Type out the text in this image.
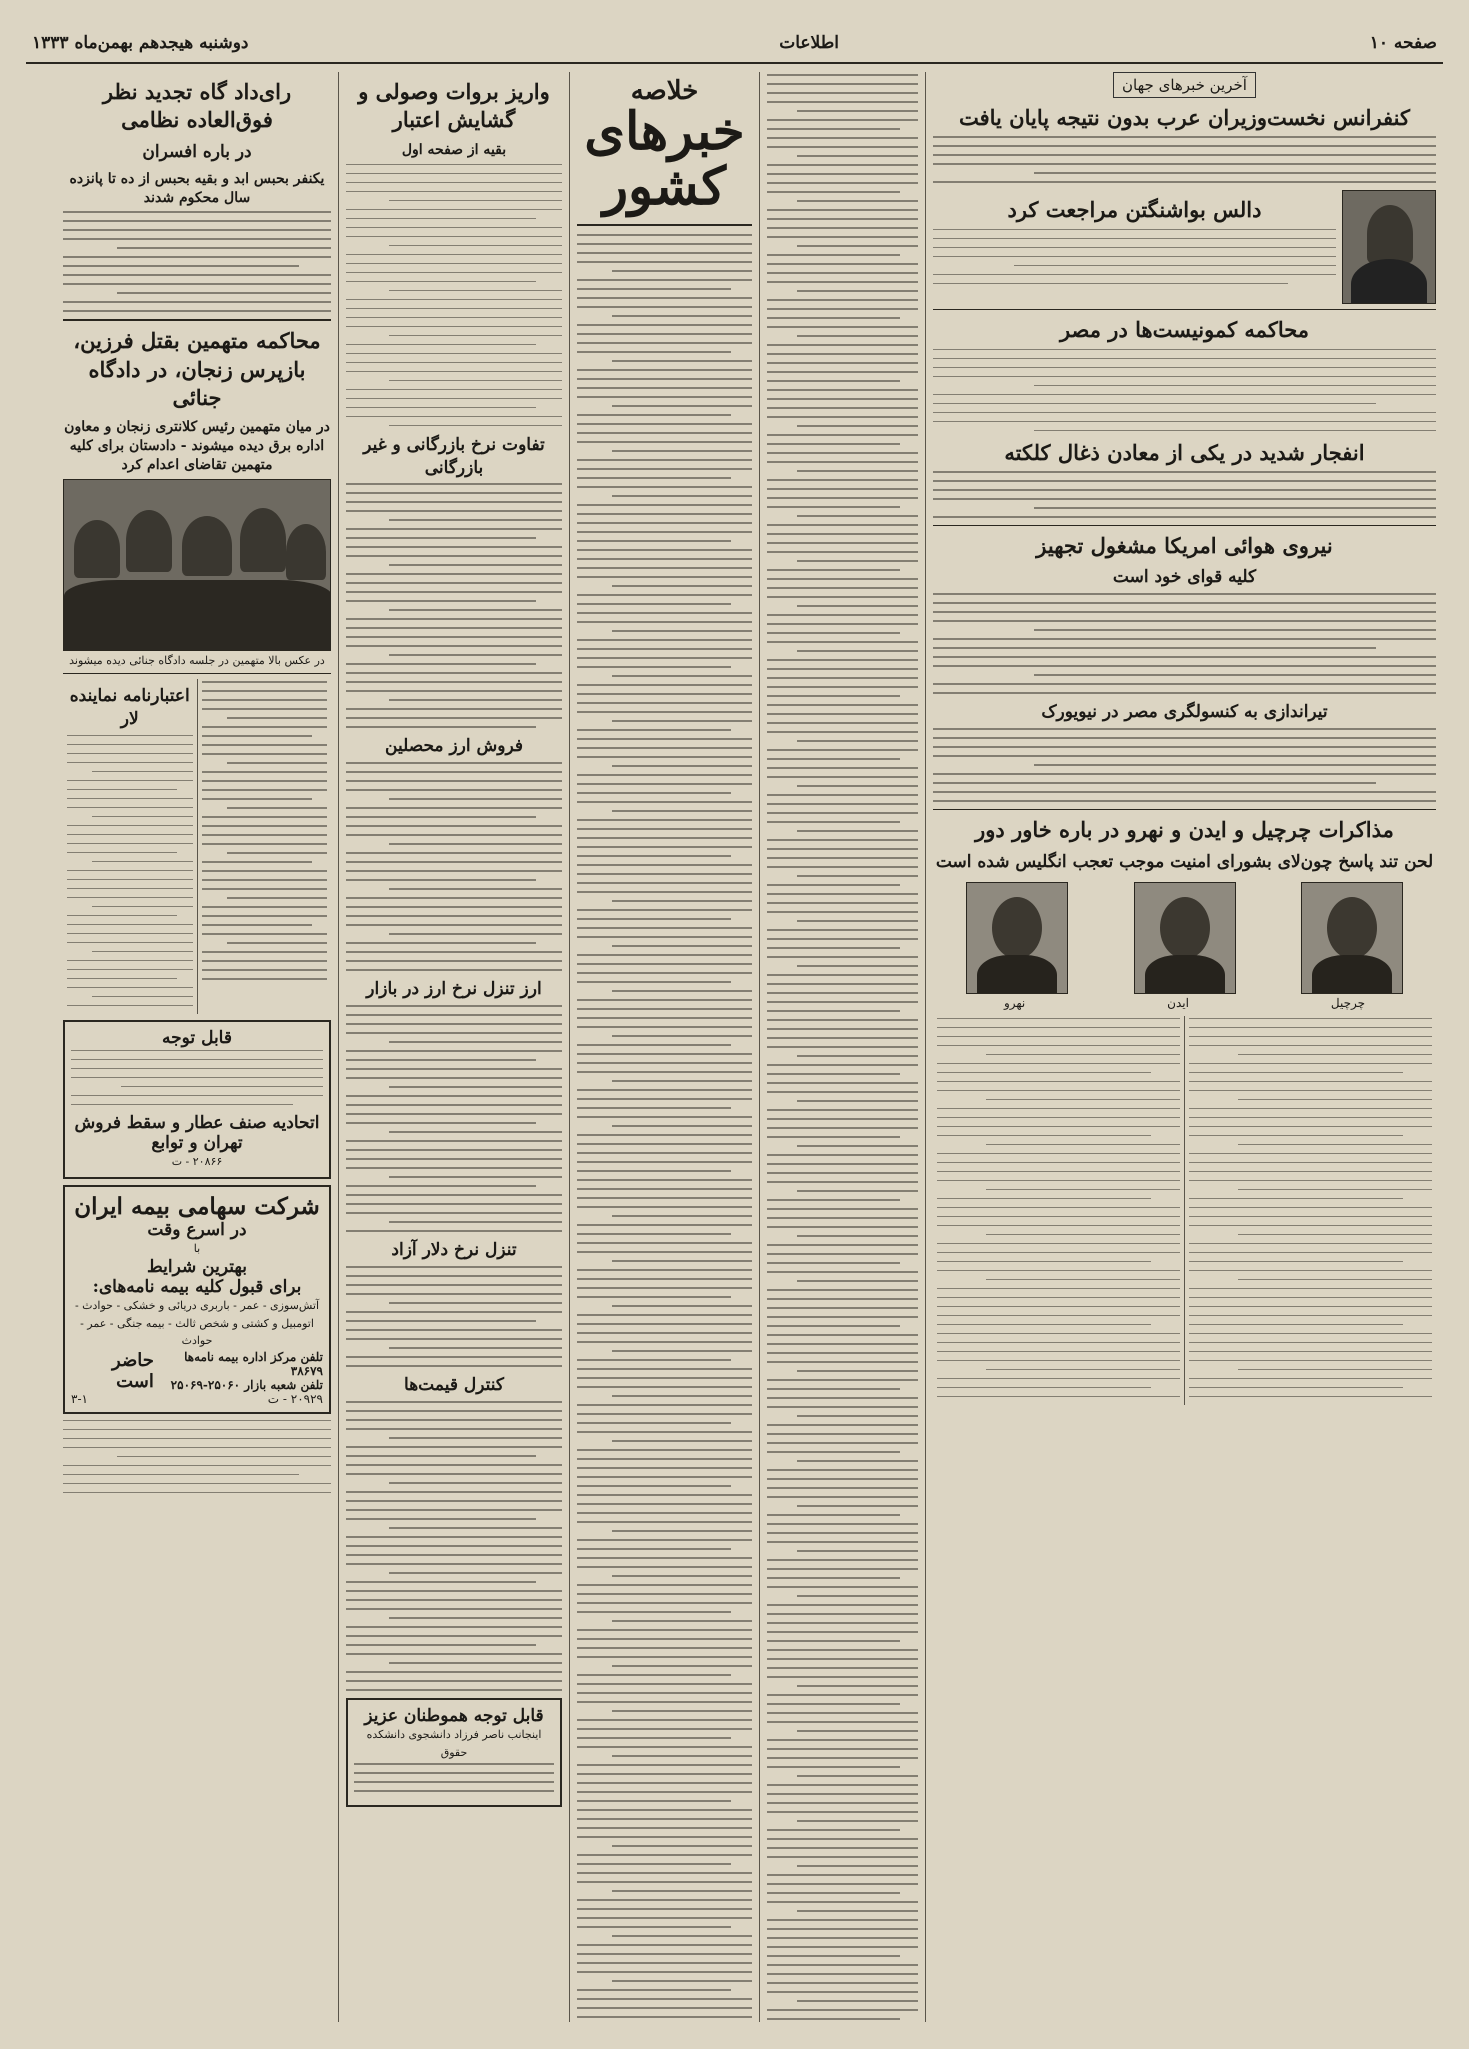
صفحه ۱۰
اطلاعات
دوشنبه هیجدهم بهمن‌ماه ۱۳۳۳
آخرین خبرهای جهان
کنفرانس نخست‌وزیران عرب بدون نتیجه پایان یافت
دالس بواشنگتن مراجعت کرد
محاکمه کمونیست‌ها در مصر
انفجار شدید در یکی از معادن ذغال کلکته
نیروی هوائی امریکا مشغول تجهیز
کلیه قوای خود است
تیراندازی به کنسولگری مصر در نیویورک
مذاکرات چرچیل و ایدن و نهرو در باره خاور دور
لحن تند پاسخ چون‌لای بشورای امنیت موجب تعجب انگلیس شده است
چرچیل
ایدن
نهرو
خلاصه
خبرهای کشور
واریز بروات وصولی و گشایش اعتبار
بقیه از صفحه اول
تفاوت نرخ بازرگانی و غیر بازرگانی
فروش ارز محصلین
ارز تنزل نرخ ارز در بازار
تنزل نرخ دلار آزاد
کنترل قیمت‌ها
قابل توجه هموطنان عزیز
اینجانب ناصر فرزاد دانشجوی دانشکده حقوق
رای‌داد گاه تجدید نظر فوق‌العاده نظامی
در باره افسران
یکنفر بحبس ابد و بقیه بحبس از ده تا پانزده سال محکوم شدند
محاکمه متهمین بقتل فرزین، بازپرس زنجان، در دادگاه جنائی
در میان متهمین رئیس کلانتری زنجان و معاون اداره برق دیده میشوند - دادستان برای کلیه متهمین تقاضای اعدام کرد
در عکس بالا متهمین در جلسه دادگاه جنائی دیده میشوند
اعتبارنامه نماینده لار
قابل توجه
اتحادیه صنف عطار و سقط فروش تهران و توابع
۲۰۸۶۶ - ت
شرکت سهامی بیمه ایران
در اسرع وقت
با
بهترین شرایط
برای قبول کلیه بیمه نامه‌های:
آتش‌سوزی - عمر - باربری دریائی و خشکی - حوادث - اتومبیل و کشتی و شخص ثالث - بیمه جنگی - عمر - حوادث
تلفن مرکز اداره بیمه نامه‌ها ۳۸۶۷۹
تلفن شعبه بازار ۲۵۰۶۰-۲۵۰۶۹
حاضر است
۲۰۹۲۹ - ت
۳-۱
